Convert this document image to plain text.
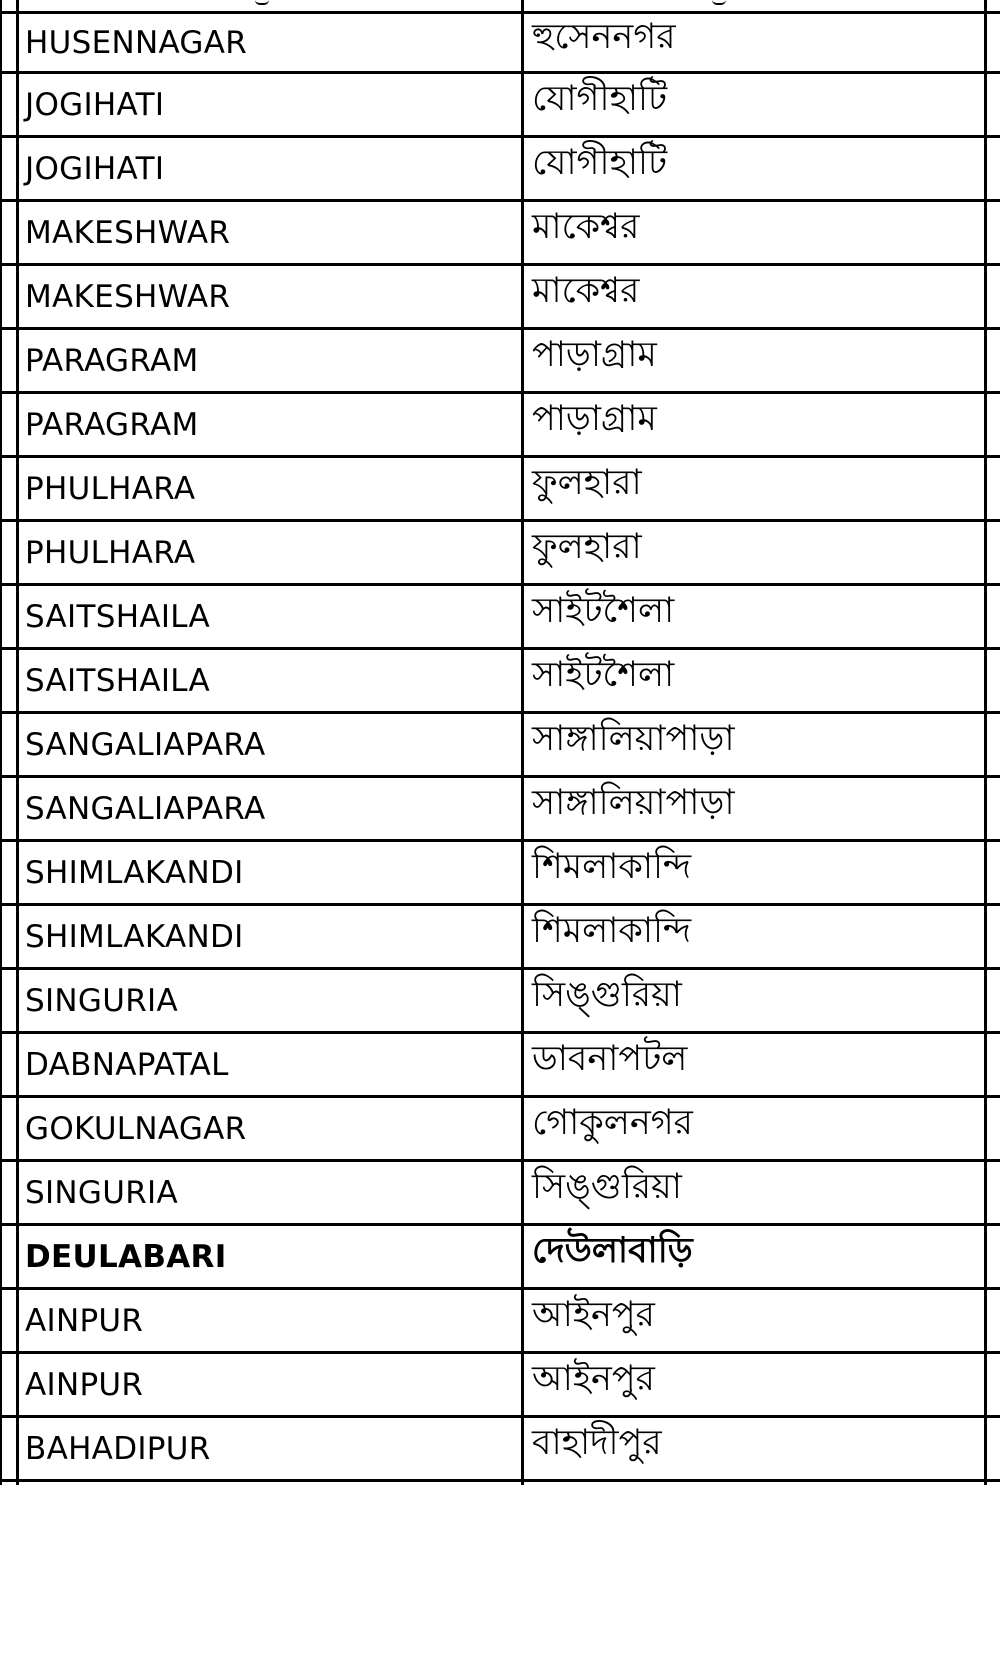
HUSENNAGAR	হুসেননগর
JOGIHATI	যোগীহাটি
JOGIHATI	যোগীহাটি
MAKESHWAR	মাকেশ্বর
MAKESHWAR	মাকেশ্বর
PARAGRAM	পাড়াগ্রাম
PARAGRAM	পাড়াগ্রাম
PHULHARA	ফুলহারা
PHULHARA	ফুলহারা
SAITSHAILA	সাইটশৈলা
SAITSHAILA	সাইটশৈলা
SANGALIAPARA	সাঙ্গালিয়াপাড়া
SANGALIAPARA	সাঙ্গালিয়াপাড়া
SHIMLAKANDI	শিমলাকান্দি
SHIMLAKANDI	শিমলাকান্দি
SINGURIA	সিঙ্গুরিয়া
DABNAPATAL	ডাবনাপটল
GOKULNAGAR	গোকুলনগর
SINGURIA	সিঙ্গুরিয়া
DEULABARI	দেউলাবাড়ি
AINPUR	আইনপুর
AINPUR	আইনপুর
BAHADIPUR	বাহাদীপুর
